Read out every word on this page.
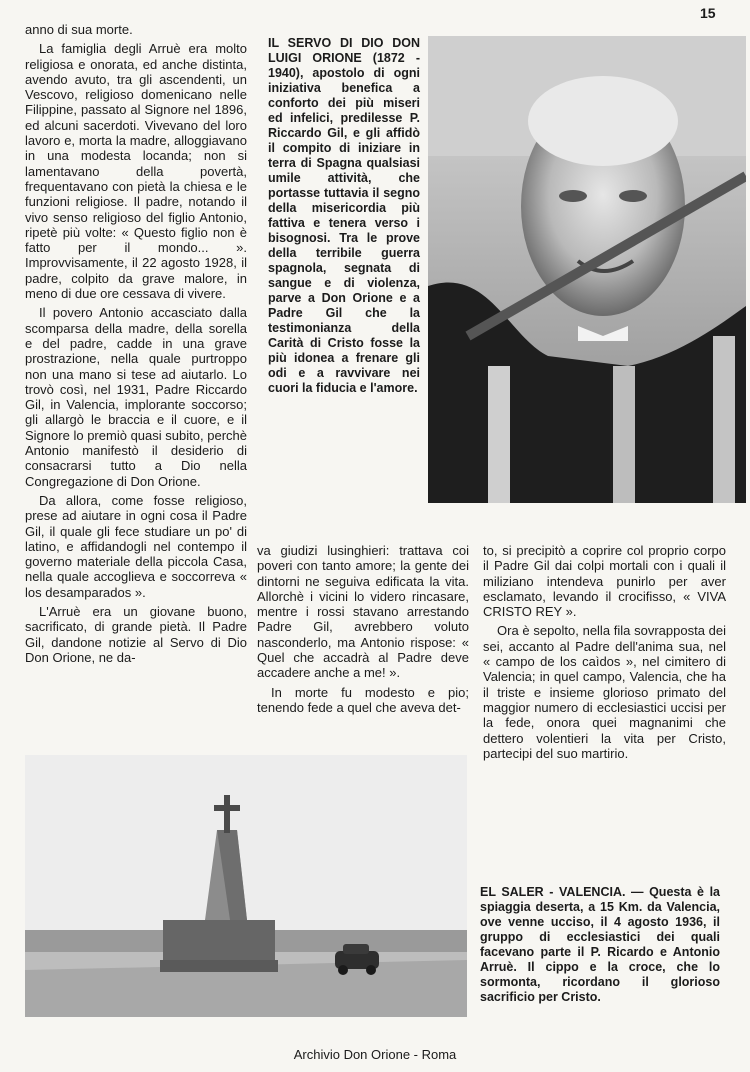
15

anno di sua morte.

La famiglia degli Arruè era molto religiosa e onorata, ed anche distinta, avendo avuto, tra gli ascendenti, un Vescovo, religioso domenicano nelle Filippine, passato al Signore nel 1896, ed alcuni sacerdoti. Vivevano del loro lavoro e, morta la madre, alloggiavano in una modesta locanda; non si lamentavano della povertà, frequentavano con pietà la chiesa e le funzioni religiose. Il padre, notando il vivo senso religioso del figlio Antonio, ripetè più volte: « Questo figlio non è fatto per il mondo... ». Improvvisamente, il 22 agosto 1928, il padre, colpito da grave malore, in meno di due ore cessava di vivere.

Il povero Antonio accasciato dalla scomparsa della madre, della sorella e del padre, cadde in una grave prostrazione, nella quale purtroppo non una mano si tese ad aiutarlo. Lo trovò così, nel 1931, Padre Riccardo Gil, in Valencia, implorante soccorso; gli allargò le braccia e il cuore, e il Signore lo premiò quasi subito, perchè Antonio manifestò il desiderio di consacrarsi tutto a Dio nella Congregazione di Don Orione.

Da allora, come fosse religioso, prese ad aiutare in ogni cosa il Padre Gil, il quale gli fece studiare un po' di latino, e affidandogli nel contempo il governo materiale della piccola Casa, nella quale accoglieva e soccorreva « los desamparados ».

L'Arruè era un giovane buono, sacrificato, di grande pietà. Il Padre Gil, dandone notizie al Servo di Dio Don Orione, ne da-

IL SERVO DI DIO DON LUIGI ORIONE (1872 - 1940), apostolo di ogni iniziativa benefica a conforto dei più miseri ed infelici, predilesse P. Riccardo Gil, e gli affidò il compito di iniziare in terra di Spagna qualsiasi umile attività, che portasse tuttavia il segno della misericordia più fattiva e tenera verso i bisognosi. Tra le prove della terribile guerra spagnola, segnata di sangue e di violenza, parve a Don Orione e a Padre Gil che la testimonianza della Carità di Cristo fosse la più idonea a frenare gli odi e a ravvivare nei cuori la fiducia e l'amore.

va giudizi lusinghieri: trattava coi poveri con tanto amore; la gente dei dintorni ne seguiva edificata la vita. Allorchè i vicini lo videro rincasare, mentre i rossi stavano arrestando Padre Gil, avrebbero voluto nasconderlo, ma Antonio rispose: « Quel che accadrà al Padre deve accadere anche a me! ».

In morte fu modesto e pio; tenendo fede a quel che aveva det-

to, si precipitò a coprire col proprio corpo il Padre Gil dai colpi mortali con i quali il miliziano intendeva punirlo per aver esclamato, levando il crocifisso, « VIVA CRISTO REY ».

Ora è sepolto, nella fila sovrapposta dei sei, accanto al Padre dell'anima sua, nel « campo de los caìdos », nel cimitero di Valencia; in quel campo, Valencia, che ha il triste e insieme glorioso primato del maggior numero di ecclesiastici uccisi per la fede, onora quei magnanimi che dettero volentieri la vita per Cristo, partecipi del suo martirio.

EL SALER - VALENCIA. — Questa è la spiaggia deserta, a 15 Km. da Valencia, ove venne ucciso, il 4 agosto 1936, il gruppo di ecclesiastici dei quali facevano parte il P. Ricardo e Antonio Arruè. Il cippo e la croce, che lo sormonta, ricordano il glorioso sacrificio per Cristo.
Archivio Don Orione - Roma
